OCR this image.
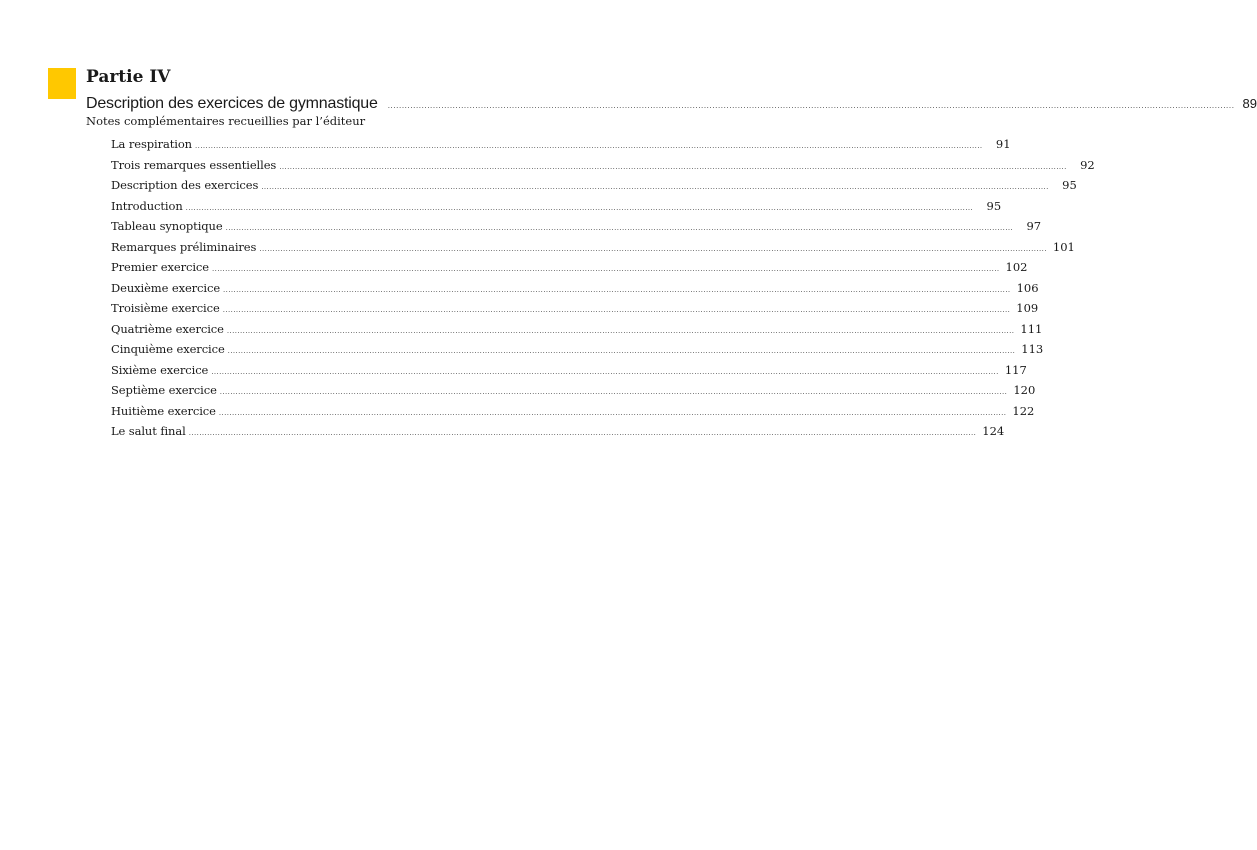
Partie IV
Description des exercices de gymnastique ............................................................................................................................................................................................................................................................................................................ 89
Notes complémentaires recueillies par l’éditeur
La respiration ............................................................................................................................................................................................................................................................................................................	91
Trois remarques essentielles ............................................................................................................................................................................................................................................................................................................	92
Description des exercices ............................................................................................................................................................................................................................................................................................................	95
Introduction ............................................................................................................................................................................................................................................................................................................	95
Tableau synoptique ............................................................................................................................................................................................................................................................................................................	97
Remarques préliminaires ............................................................................................................................................................................................................................................................................................................ 101
Premier exercice ............................................................................................................................................................................................................................................................................................................ 102
Deuxième exercice ............................................................................................................................................................................................................................................................................................................ 106
Troisième exercice ............................................................................................................................................................................................................................................................................................................ 109
Quatrième exercice ............................................................................................................................................................................................................................................................................................................ 111
Cinquième exercice ............................................................................................................................................................................................................................................................................................................ 113
Sixième exercice ............................................................................................................................................................................................................................................................................................................ 117
Septième exercice ............................................................................................................................................................................................................................................................................................................ 120
Huitième exercice ............................................................................................................................................................................................................................................................................................................ 122
Le salut final ............................................................................................................................................................................................................................................................................................................ 124
